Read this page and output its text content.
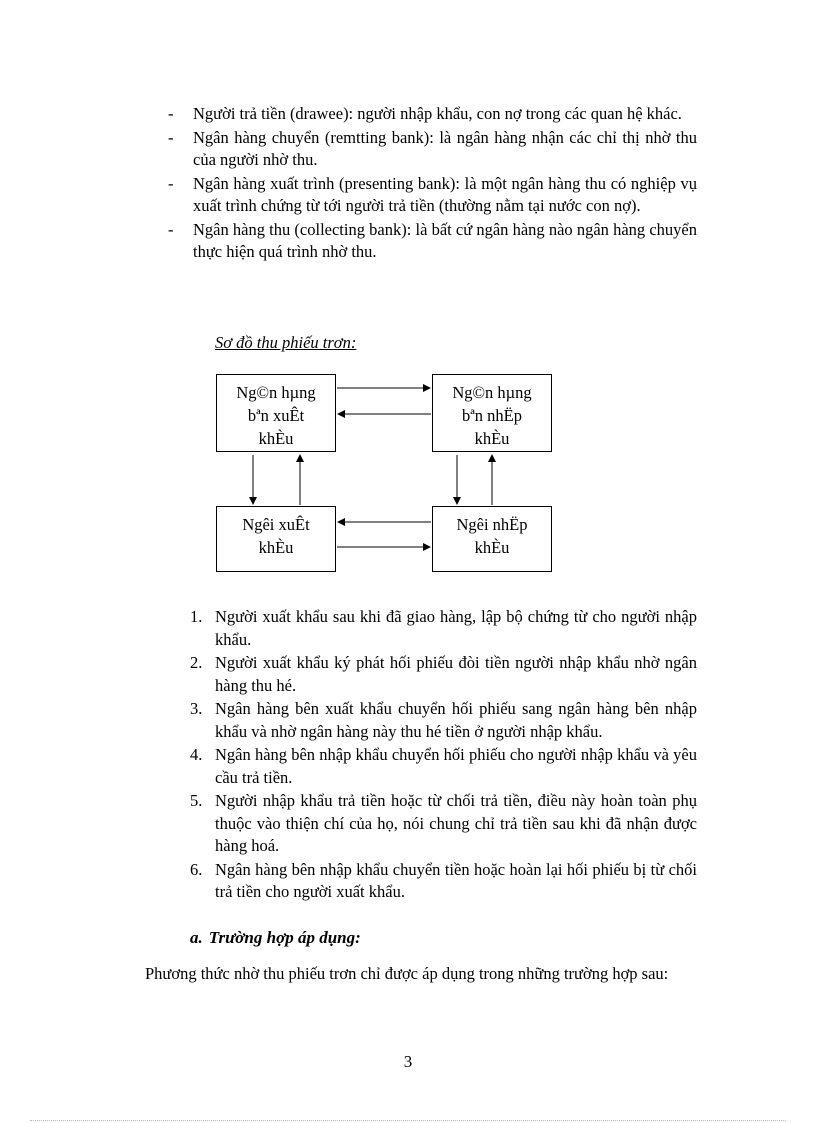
- Người trả tiền (drawee): người nhập khẩu, con nợ trong các quan hệ khác.
- Ngân hàng chuyển (remtting bank): là ngân hàng nhận các chỉ thị nhờ thu của người nhờ thu.
- Ngân hàng xuất trình (presenting bank): là một ngân hàng thu có nghiệp vụ xuất trình chứng từ tới người trả tiền (thường nằm tại nước con nợ).
- Ngân hàng thu (collecting bank): là bất cứ ngân hàng nào ngân hàng chuyển thực hiện quá trình nhờ thu.
Sơ đồ thu phiếu trơn:
Ng©n hµng
bªn xuÊt
khÈu
Ng©n hµng
bªn nhËp
khÈu
Ngêi xuÊt
khÈu
Ngêi nhËp
khÈu
1. Người xuất khẩu sau khi đã giao hàng, lập bộ chứng từ cho người nhập khẩu.
2. Người xuất khẩu ký phát hối phiếu đòi tiền người nhập khẩu nhờ ngân hàng thu hé.
3. Ngân hàng bên xuất khẩu chuyển hối phiếu sang ngân hàng bên nhập khẩu và nhờ ngân hàng này thu hé tiền ở người nhập khẩu.
4. Ngân hàng bên nhập khẩu chuyển hối phiếu cho người nhập khẩu và yêu cầu trả tiền.
5. Người nhập khẩu trả tiền hoặc từ chối trả tiền, điều này hoàn toàn phụ thuộc vào thiện chí của họ, nói chung chỉ trả tiền sau khi đã nhận được hàng hoá.
6. Ngân hàng bên nhập khẩu chuyển tiền hoặc hoàn lại hối phiếu bị từ chối trả tiền cho người xuất khẩu.
a. Trường hợp áp dụng:

Phương thức nhờ thu phiếu trơn chỉ được áp dụng trong những trường hợp sau:

3
